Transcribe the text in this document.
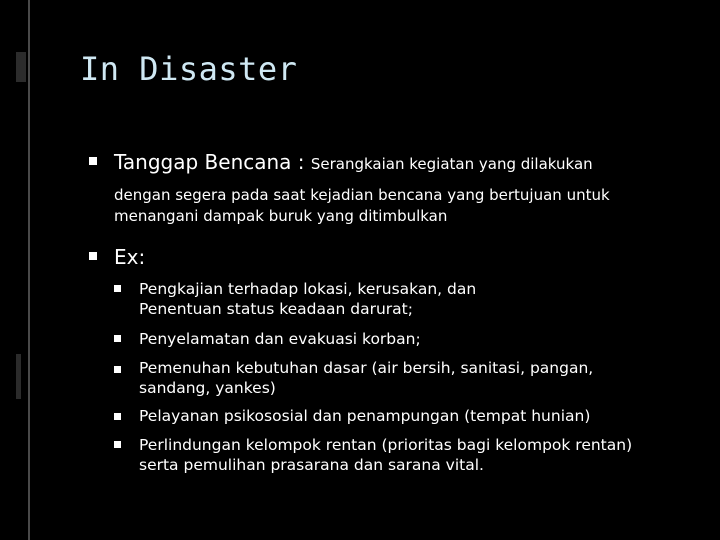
In Disaster
Tanggap Bencana : Serangkaian kegiatan yang dilakukan
dengan segera pada saat kejadian bencana yang bertujuan untuk menangani dampak buruk yang ditimbulkan
Ex:
Pengkajian terhadap lokasi, kerusakan, dan Penentuan status keadaan darurat;
Penyelamatan dan evakuasi korban;
Pemenuhan kebutuhan dasar (air bersih, sanitasi, pangan, sandang, yankes)
Pelayanan psikososial dan penampungan (tempat hunian)
Perlindungan kelompok rentan (prioritas bagi kelompok rentan) serta pemulihan prasarana dan sarana vital.
